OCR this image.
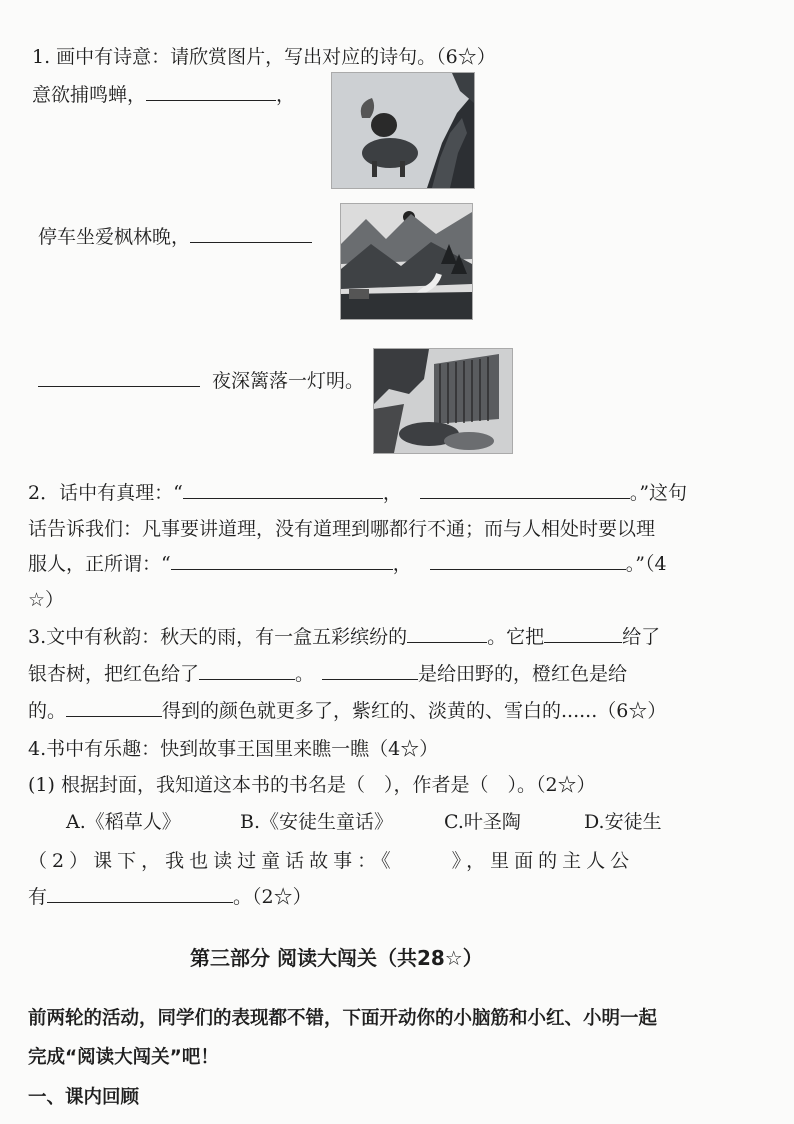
1. 画中有诗意：请欣赏图片，写出对应的诗句。（6☆）
意欲捕鸣蝉，	，
停车坐爱枫林晚，
夜深篱落一灯明。
2．话中有真理：“	，	。”这句
话告诉我们：凡事要讲道理，没有道理到哪都行不通；而与人相处时要以理
服人，正所谓：“	，	。”（4
☆）
3.文中有秋韵：秋天的雨，有一盒五彩缤纷的	。它把	给了
银杏树，把红色给了	。	是给田野的，橙红色是给
的。	得到的颜色就更多了，紫红的、淡黄的、雪白的......（6☆）
4.书中有乐趣：快到故事王国里来瞧一瞧（4☆）
(1) 根据封面，我知道这本书的书名是（　），作者是（　）。（2☆）
A.《稻草人》	B.《安徒生童话》	C.叶圣陶	D.安徒生
（2）课下，我也读过童话故事：《	》，里面的主人公
有	。（2☆）
第三部分 阅读大闯关（共28☆）
前两轮的活动，同学们的表现都不错，下面开动你的小脑筋和小红、小明一起
完成“阅读大闯关”吧！
一、课内回顾
